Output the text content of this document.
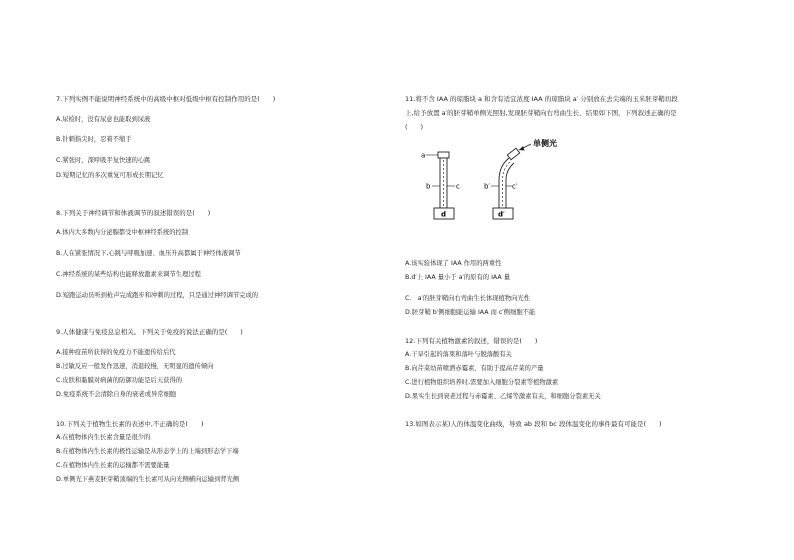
7.下列实例不能说明神经系统中的高级中枢对低级中枢有控制作用的是(　　)
A.尿检时，没有尿意也能取到尿液
B.针刺指尖时，忍着不缩手
C.紧张时，深呼吸平复快速的心跳
D.短期记忆的多次重复可形成长期记忆
8.下列关于神经调节和体液调节的叙述错误的是(　　)
A.体内大多数内分泌腺都受中枢神经系统的控制
B.人在紧张情况下,心跳与呼吸加速、血压升高都属于神经体液调节
C.神经系统的某些结构也能释放激素来调节生理过程
D.短跑运动员听到枪声完成跑步和冲刺的过程，只是通过神经调节完成的
9.人体健康与免疫息息相关。下列关于免疫的说法正确的是(　　)
A.接种疫苗所获得的免疫力不能遗传给后代
B.过敏反应一般发作迅速，消退较慢，无明显的遗传倾向
C.皮肤和黏膜对病菌的防御功能是后天获得的
D.免疫系统不会清除自身的衰老或异常细胞
10.下列关于植物生长素的表述中,不正确的是(　　)
A.在植物体内生长素含量是很少的
B.在植物体内生长素的极性运输是从形态学上的上端到形态学下端
C.在植物体内生长素的运输都不需要能量
D.单侧光下燕麦胚芽鞘顶端的生长素可从向光侧横向运输到背光侧
11.将不含 IAA 的琼脂块 a 和含有适宜浓度 IAA 的琼脂块 a′ 分别放在去尖端的玉米胚芽鞘切段
上,给予放置 a′的胚芽鞘单侧光照射,发现胚芽鞘向右弯曲生长，结果如下图，下列叙述正确的是
(　　)
A.该实验体现了 IAA 作用的两重性
B.d′上 IAA 量小于 a′的原有的 IAA 量
C.　a′的胚芽鞘向右弯曲生长体现植物向光性
D.胚芽鞘 b′侧细胞能运输 IAA 而 c′侧细胞不能
12.下列有关植物激素的叙述，错误的是(　　)
A.干旱引起的落果和落叶与脱落酸有关
B.向芹菜幼苗喷洒赤霉素，有助于提高芹菜的产量
C.进行植物组织培养时,需要加入细胞分裂素等植物激素
D.果实生长到衰老过程与赤霉素、乙烯等激素有关，和细胞分裂素无关
13.如图表示某)人的体温变化曲线，导致 ab 段和 bc 段体温变化的事件最有可能是(　　)
a
b	c
d
b′	c′
d′
单侧光
